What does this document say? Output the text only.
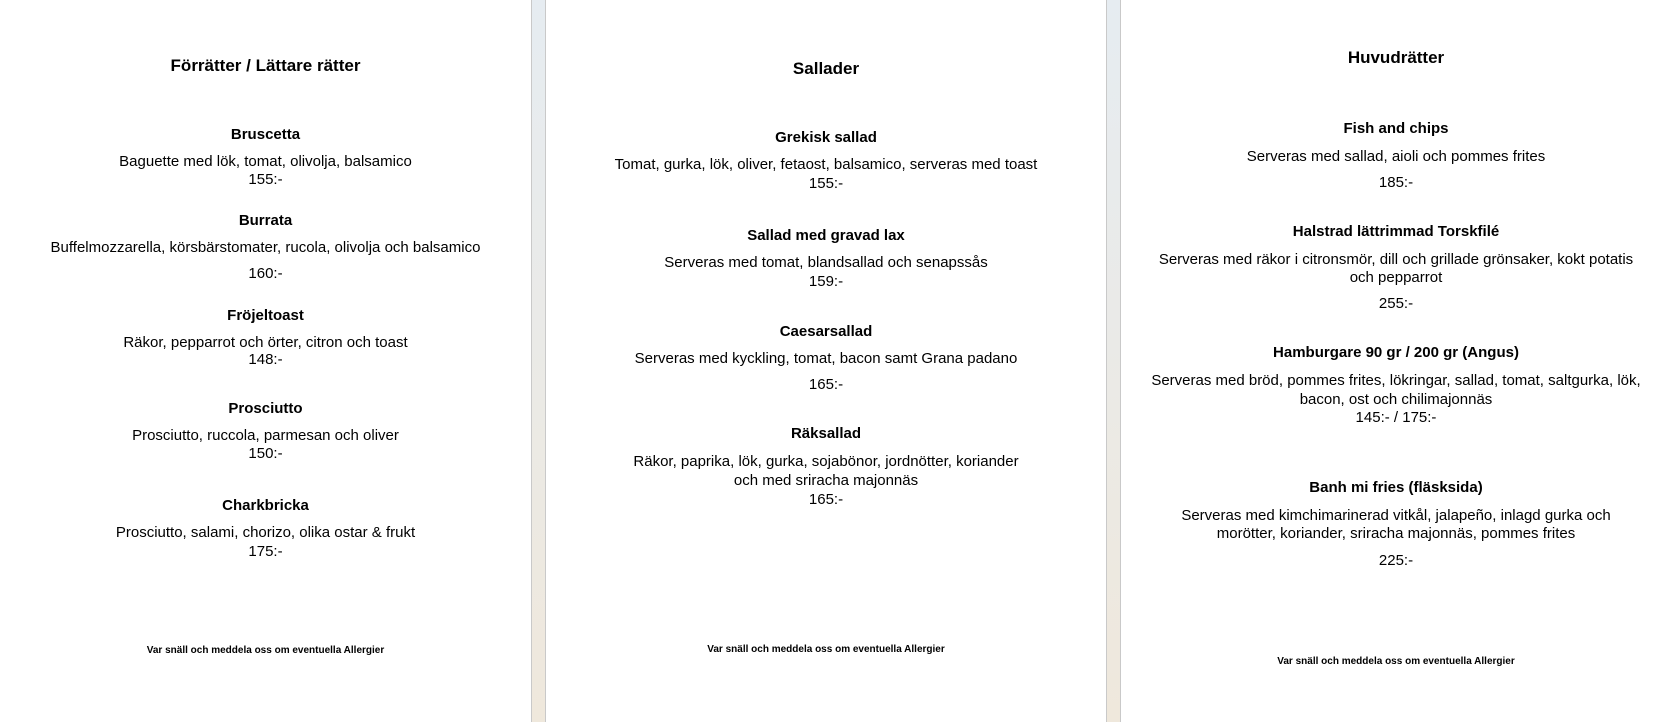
Förrätter / Lättare rätter
Bruscetta
Baguette med lök, tomat, olivolja, balsamico
155:-
Burrata
Buffelmozzarella, körsbärstomater, rucola, olivolja och balsamico
160:-
Fröjeltoast
Räkor, pepparrot och örter, citron och toast
148:-
Prosciutto
Prosciutto, ruccola, parmesan och oliver
150:-
Charkbricka
Prosciutto, salami, chorizo, olika ostar & frukt
175:-
Var snäll och meddela oss om eventuella Allergier
Sallader
Grekisk sallad
Tomat, gurka, lök, oliver, fetaost, balsamico, serveras med toast
155:-
Sallad med gravad lax
Serveras med tomat, blandsallad och senapssås
159:-
Caesarsallad
Serveras med kyckling, tomat, bacon samt Grana padano
165:-
Räksallad
Räkor, paprika, lök, gurka, sojabönor, jordnötter, koriander
och med sriracha majonnäs
165:-
Var snäll och meddela oss om eventuella Allergier
Huvudrätter
Fish and chips
Serveras med sallad, aioli och pommes frites
185:-
Halstrad lättrimmad Torskfilé
Serveras med räkor i citronsmör, dill och grillade grönsaker, kokt potatis
och pepparrot
255:-
Hamburgare 90 gr / 200 gr (Angus)
Serveras med bröd, pommes frites, lökringar, sallad, tomat, saltgurka, lök,
bacon, ost och chilimajonnäs
145:- / 175:-
Banh mi fries (fläsksida)
Serveras med kimchimarinerad vitkål, jalapeño, inlagd gurka och
morötter, koriander, sriracha majonnäs, pommes frites
225:-
Var snäll och meddela oss om eventuella Allergier
